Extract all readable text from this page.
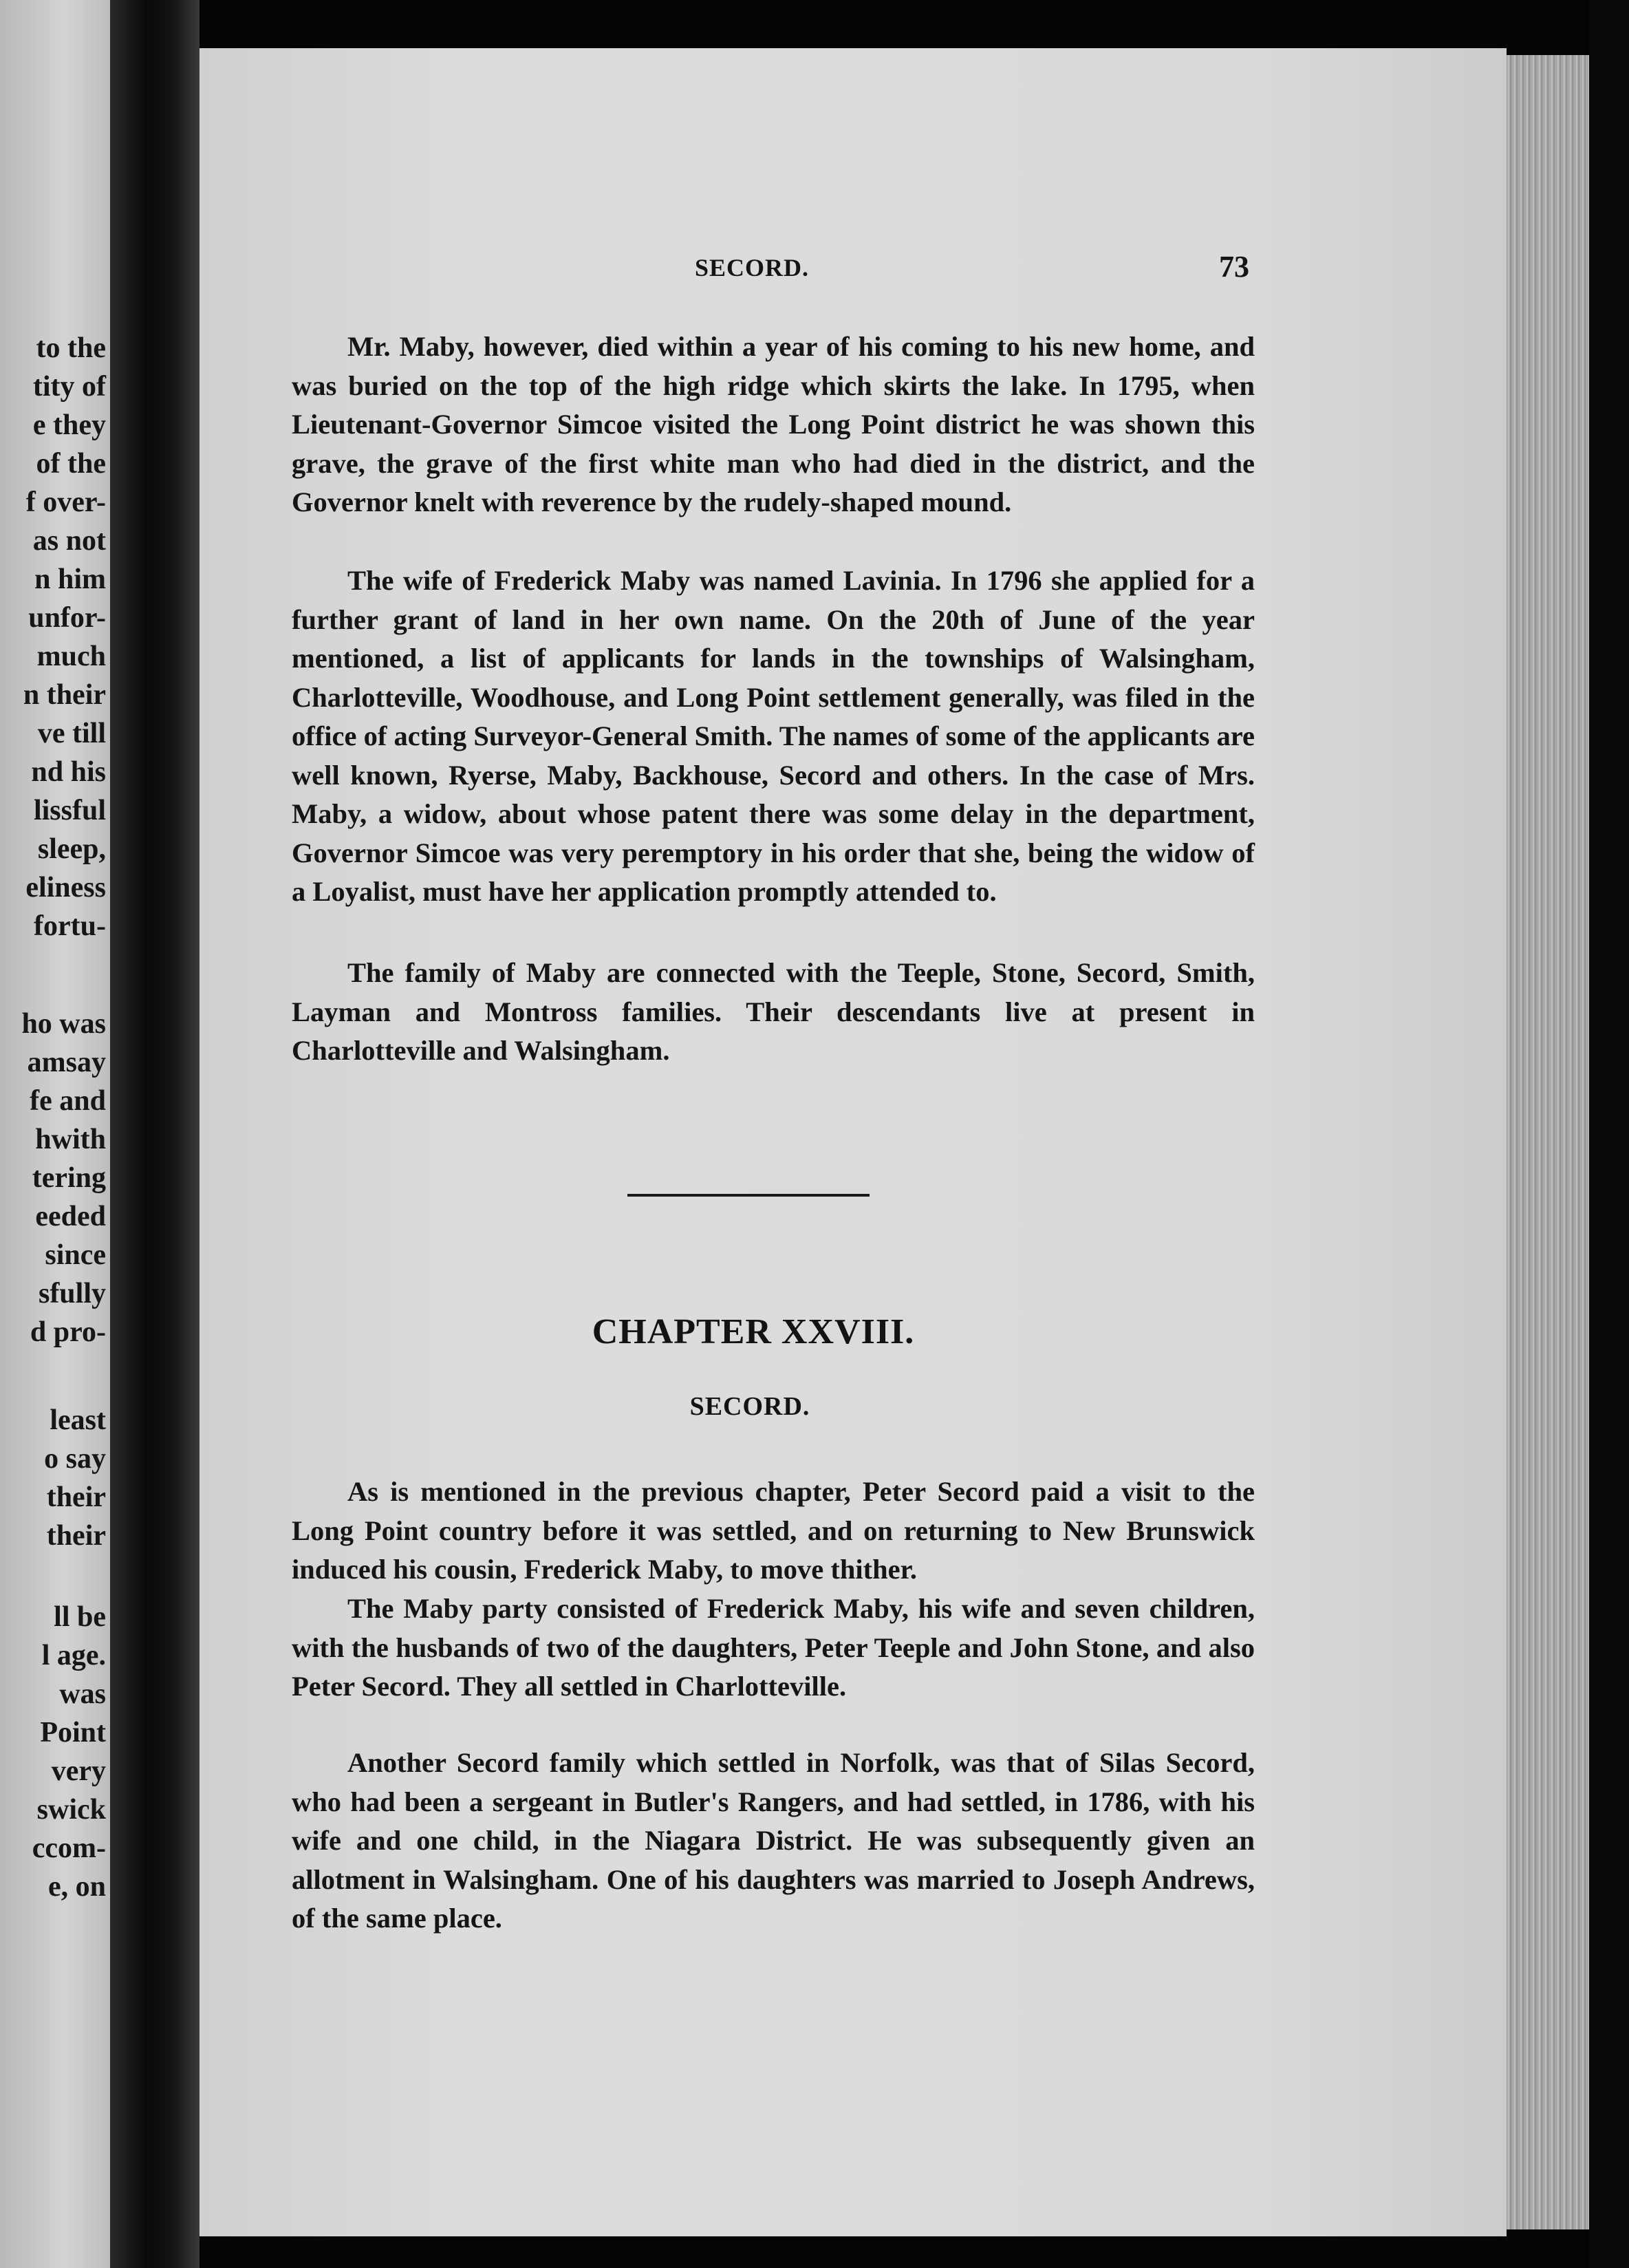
to the
tity of
e they
of the
f over-
as not
n him
unfor-
much
n their
ve till
nd his
lissful
sleep,
eliness
fortu-
ho was
amsay
fe and
hwith
tering
eeded
since
sfully
d pro-
least
o say
their
their
ll be
l age.
was
Point
very
swick
ccom-
e, on
SECORD.	73

Mr. Maby, however, died within a year of his coming to his new home, and was buried on the top of the high ridge which skirts the lake. In 1795, when Lieutenant-Governor Simcoe visited the Long Point district he was shown this grave, the grave of the first white man who had died in the district, and the Governor knelt with reverence by the rudely-shaped mound.

The wife of Frederick Maby was named Lavinia. In 1796 she applied for a further grant of land in her own name. On the 20th of June of the year mentioned, a list of applicants for lands in the townships of Walsingham, Charlotteville, Woodhouse, and Long Point settlement generally, was filed in the office of acting Surveyor-General Smith. The names of some of the applicants are well known, Ryerse, Maby, Backhouse, Secord and others. In the case of Mrs. Maby, a widow, about whose patent there was some delay in the department, Governor Simcoe was very peremptory in his order that she, being the widow of a Loyalist, must have her application promptly attended to.

The family of Maby are connected with the Teeple, Stone, Secord, Smith, Layman and Montross families. Their descendants live at present in Charlotteville and Walsingham.

CHAPTER XXVIII.
SECORD.

As is mentioned in the previous chapter, Peter Secord paid a visit to the Long Point country before it was settled, and on returning to New Brunswick induced his cousin, Frederick Maby, to move thither.

The Maby party consisted of Frederick Maby, his wife and seven children, with the husbands of two of the daughters, Peter Teeple and John Stone, and also Peter Secord. They all settled in Charlotteville.

Another Secord family which settled in Norfolk, was that of Silas Secord, who had been a sergeant in Butler's Rangers, and had settled, in 1786, with his wife and one child, in the Niagara District. He was subsequently given an allotment in Walsingham. One of his daughters was married to Joseph Andrews, of the same place.
